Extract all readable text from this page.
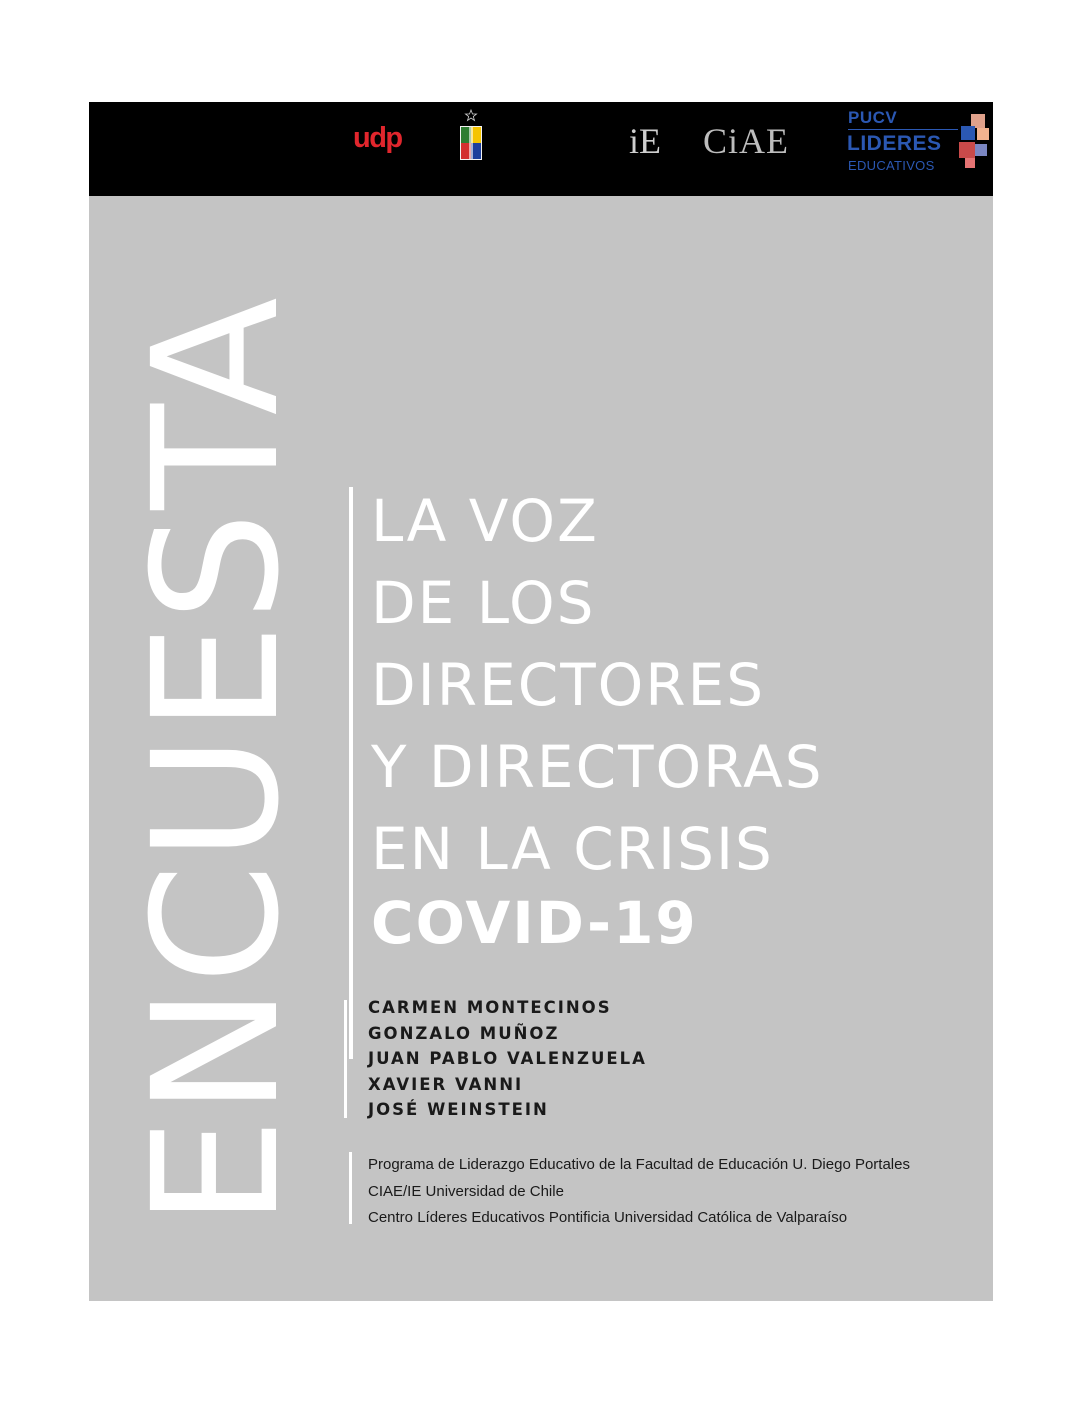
udp	iE CiAE
PUCV
LIDERES
EDUCATIVOS
ENCUESTA LA VOZ
DE LOS
DIRECTORES
Y DIRECTORAS
EN LA CRISIS
COVID-19
CARMEN MONTECINOS
GONZALO MUÑOZ
JUAN PABLO VALENZUELA
XAVIER VANNI
JOSÉ WEINSTEIN
Programa de Liderazgo Educativo de la Facultad de Educación U. Diego Portales
CIAE/IE Universidad de Chile
Centro Líderes Educativos Pontificia Universidad Católica de Valparaíso
